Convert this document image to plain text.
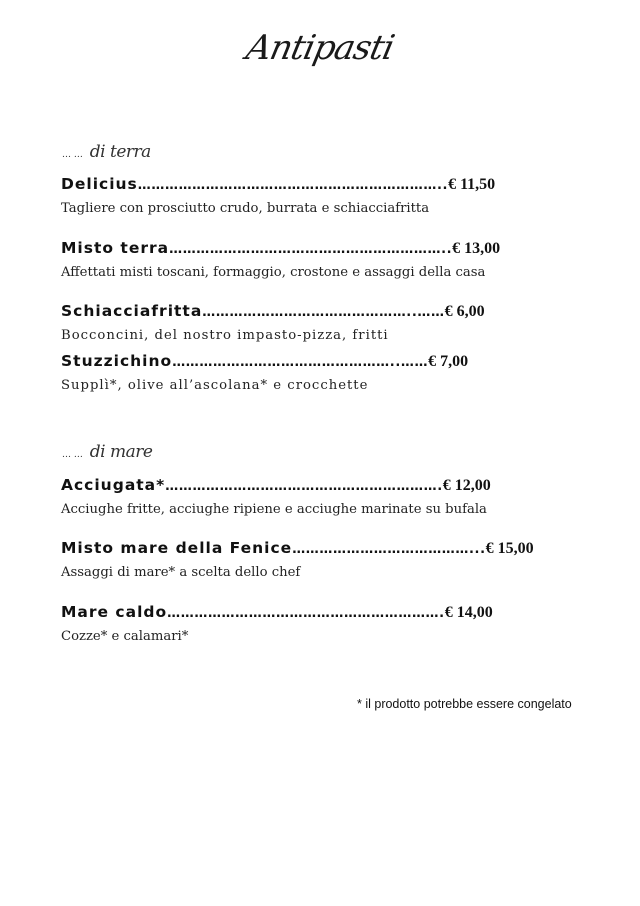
Antipasti
… … di terra
Delicius ………………………………………………………….. € 11,50
Tagliere con prosciutto crudo, burrata e schiacciafritta
Misto terra …………………………………………………….. € 13,00
Affettati misti toscani, formaggio, crostone e assaggi della casa
Schiacciafritta ………………………………………..…… € 6,00
Bocconcini, del nostro impasto-pizza, fritti
Stuzzichino …………………………………………..…… € 7,00
Supplì*, olive all’ascolana* e crocchette
… … di mare
Acciugata* ……………………………………………………. € 12,00
Acciughe fritte, acciughe ripiene e acciughe marinate su bufala
Misto mare della Fenice …………………………………... € 15,00
Assaggi di mare* a scelta dello chef
Mare caldo ……………………………………………………. € 14,00
Cozze* e calamari*
* il prodotto potrebbe essere congelato
